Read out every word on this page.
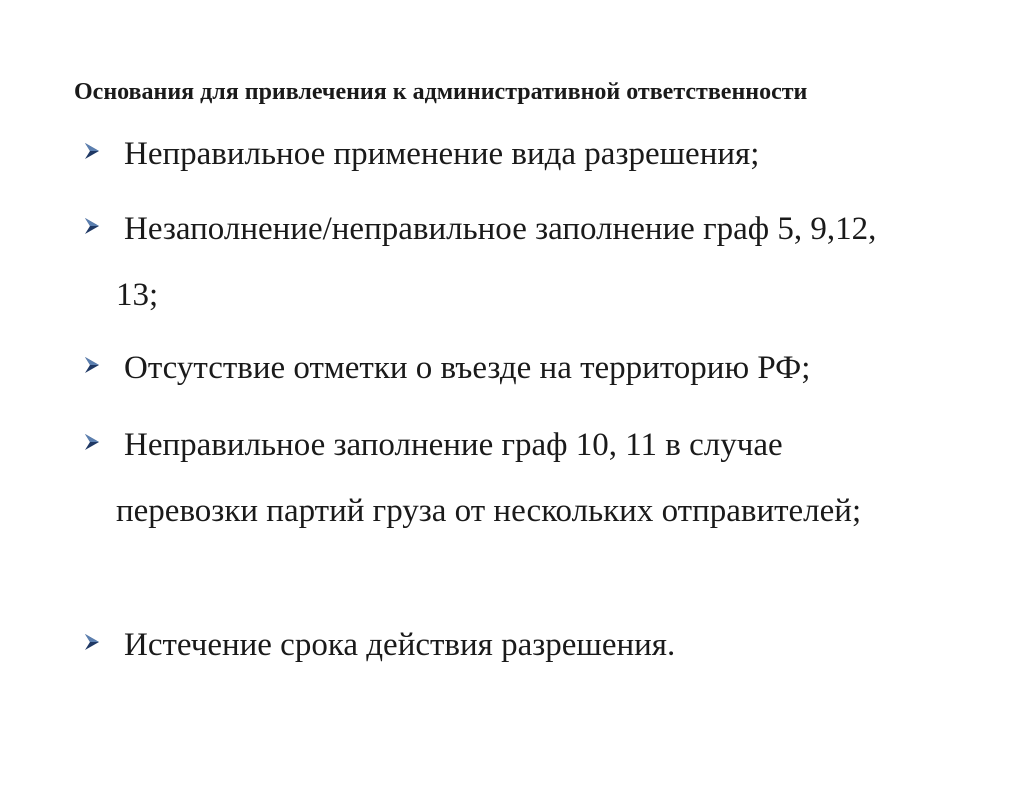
Основания для привлечения к административной ответственности
Неправильное применение вида разрешения;
Незаполнение/неправильное заполнение граф 5, 9,12, 13;
Отсутствие отметки о въезде на территорию РФ;
Неправильное заполнение граф 10, 11 в случае перевозки партий груза от нескольких отправителей;
Истечение срока действия разрешения.
